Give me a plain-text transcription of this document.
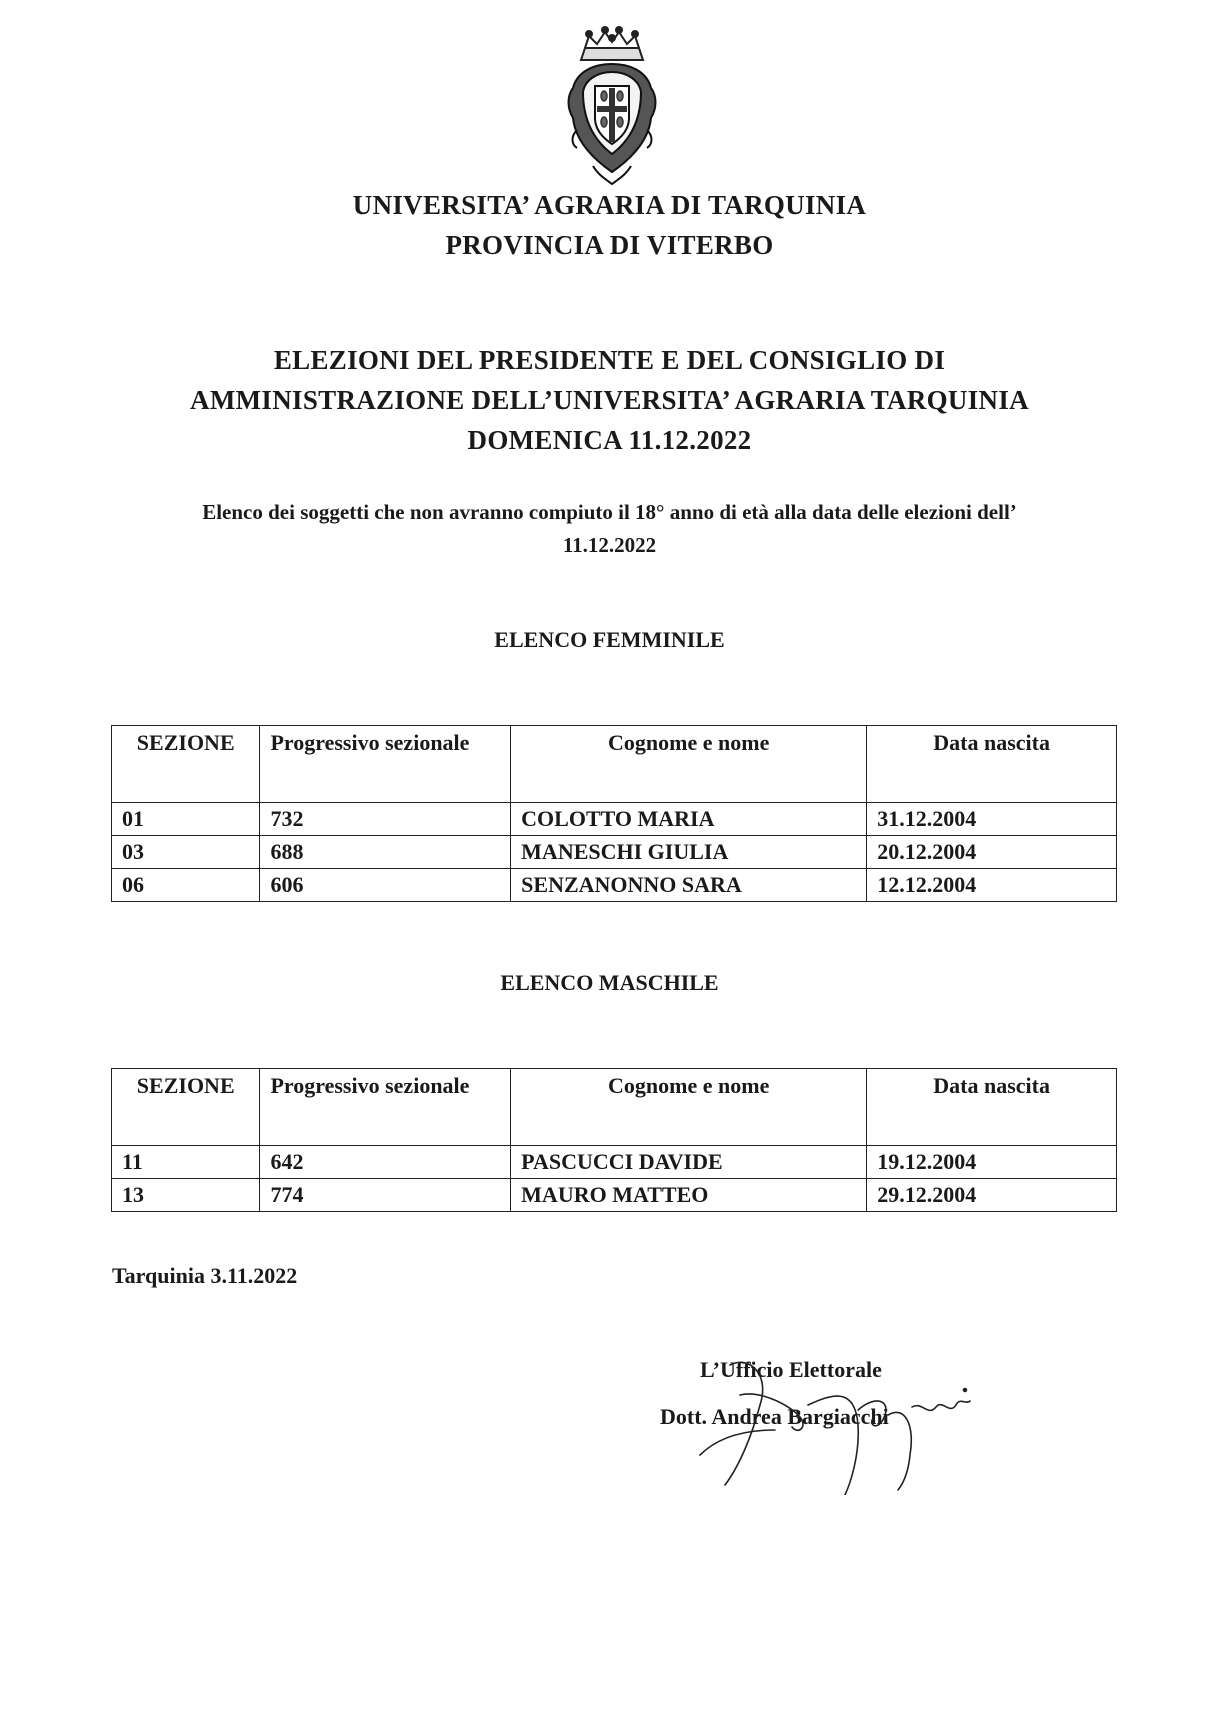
UNIVERSITA’ AGRARIA DI TARQUINIA
PROVINCIA DI VITERBO
ELEZIONI DEL PRESIDENTE E DEL CONSIGLIO DI
AMMINISTRAZIONE DELL’UNIVERSITA’ AGRARIA TARQUINIA
DOMENICA 11.12.2022
Elenco dei soggetti che non avranno compiuto il 18° anno di età alla data delle elezioni dell’
11.12.2022
ELENCO FEMMINILE
SEZIONE	Progressivo sezionale	Cognome e nome	Data nascita
01	732	COLOTTO MARIA	31.12.2004
03	688	MANESCHI GIULIA	20.12.2004
06	606	SENZANONNO SARA	12.12.2004
ELENCO MASCHILE
SEZIONE	Progressivo sezionale	Cognome e nome	Data nascita
11	642	PASCUCCI DAVIDE	19.12.2004
13	774	MAURO MATTEO	29.12.2004
Tarquinia 3.11.2022
L’Ufficio Elettorale
Dott. Andrea Bargiacchi
